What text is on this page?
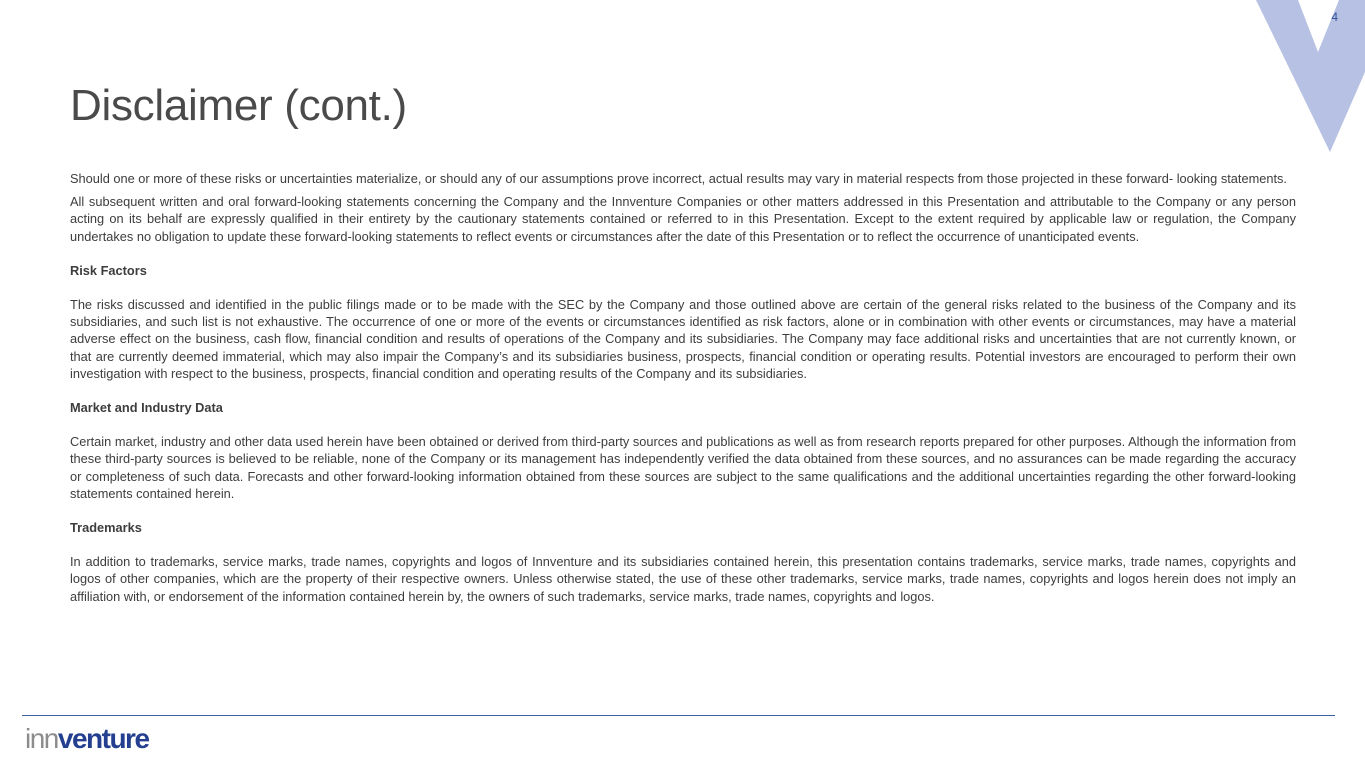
4
Disclaimer (cont.)

Should one or more of these risks or uncertainties materialize, or should any of our assumptions prove incorrect, actual results may vary in material respects from those projected in these forward- looking statements.

All subsequent written and oral forward-looking statements concerning the Company and the Innventure Companies or other matters addressed in this Presentation and attributable to the Company or any person acting on its behalf are expressly qualified in their entirety by the cautionary statements contained or referred to in this Presentation. Except to the extent required by applicable law or regulation, the Company undertakes no obligation to update these forward-looking statements to reflect events or circumstances after the date of this Presentation or to reflect the occurrence of unanticipated events.

Risk Factors

The risks discussed and identified in the public filings made or to be made with the SEC by the Company and those outlined above are certain of the general risks related to the business of the Company and its subsidiaries, and such list is not exhaustive. The occurrence of one or more of the events or circumstances identified as risk factors, alone or in combination with other events or circumstances, may have a material adverse effect on the business, cash flow, financial condition and results of operations of the Company and its subsidiaries. The Company may face additional risks and uncertainties that are not currently known, or that are currently deemed immaterial, which may also impair the Company’s and its subsidiaries business, prospects, financial condition or operating results. Potential investors are encouraged to perform their own investigation with respect to the business, prospects, financial condition and operating results of the Company and its subsidiaries.

Market and Industry Data

Certain market, industry and other data used herein have been obtained or derived from third-party sources and publications as well as from research reports prepared for other purposes. Although the information from these third-party sources is believed to be reliable, none of the Company or its management has independently verified the data obtained from these sources, and no assurances can be made regarding the accuracy or completeness of such data. Forecasts and other forward-looking information obtained from these sources are subject to the same qualifications and the additional uncertainties regarding the other forward-looking statements contained herein.

Trademarks

In addition to trademarks, service marks, trade names, copyrights and logos of Innventure and its subsidiaries contained herein, this presentation contains trademarks, service marks, trade names, copyrights and logos of other companies, which are the property of their respective owners. Unless otherwise stated, the use of these other trademarks, service marks, trade names, copyrights and logos herein does not imply an affiliation with, or endorsement of the information contained herein by, the owners of such trademarks, service marks, trade names, copyrights and logos.

innventure
